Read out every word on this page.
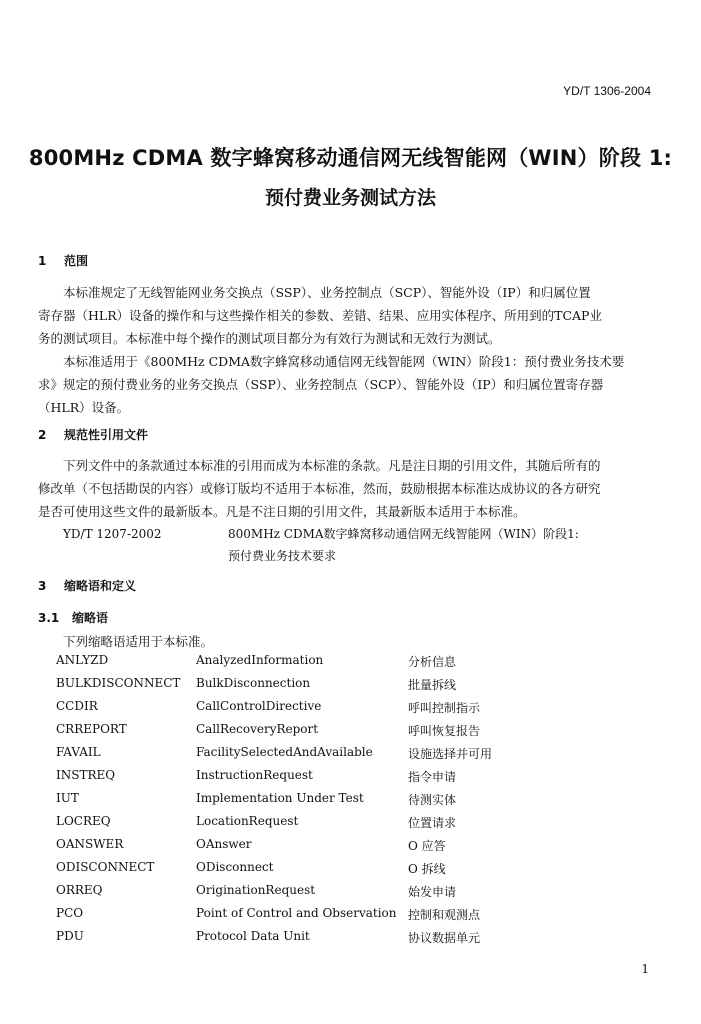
YD/T 1306-2004
800MHz CDMA 数字蜂窝移动通信网无线智能网（WIN）阶段 1:
预付费业务测试方法
1 范围
本标准规定了无线智能网业务交换点（SSP）、业务控制点（SCP）、智能外设（IP）和归属位置
寄存器（HLR）设备的操作和与这些操作相关的参数、差错、结果、应用实体程序、所用到的TCAP业
务的测试项目。本标准中每个操作的测试项目都分为有效行为测试和无效行为测试。
本标准适用于《800MHz CDMA数字蜂窝移动通信网无线智能网（WIN）阶段1：预付费业务技术要
求》规定的预付费业务的业务交换点（SSP）、业务控制点（SCP）、智能外设（IP）和归属位置寄存器
（HLR）设备。
2 规范性引用文件
下列文件中的条款通过本标准的引用而成为本标准的条款。凡是注日期的引用文件，其随后所有的
修改单（不包括勘误的内容）或修订版均不适用于本标准，然而，鼓励根据本标准达成协议的各方研究
是否可使用这些文件的最新版本。凡是不注日期的引用文件，其最新版本适用于本标准。
YD/T 1207-2002	800MHz CDMA数字蜂窝移动通信网无线智能网（WIN）阶段1:
预付费业务技术要求
3 缩略语和定义
3.1 缩略语
下列缩略语适用于本标准。
ANLYZD	AnalyzedInformation	分析信息
BULKDISCONNECT BulkDisconnection	批量拆线
CCDIR	CallControlDirective	呼叫控制指示
CRREPORT	CallRecoveryReport	呼叫恢复报告
FAVAIL	FacilitySelectedAndAvailable	设施选择并可用
INSTREQ	InstructionRequest	指令申请
IUT	Implementation Under Test	待测实体
LOCREQ	LocationRequest	位置请求
OANSWER	OAnswer	O 应答
ODISCONNECT	ODisconnect	O 拆线
ORREQ	OriginationRequest	始发申请
PCO	Point of Control and Observation 控制和观测点
PDU	Protocol Data Unit	协议数据单元
1
